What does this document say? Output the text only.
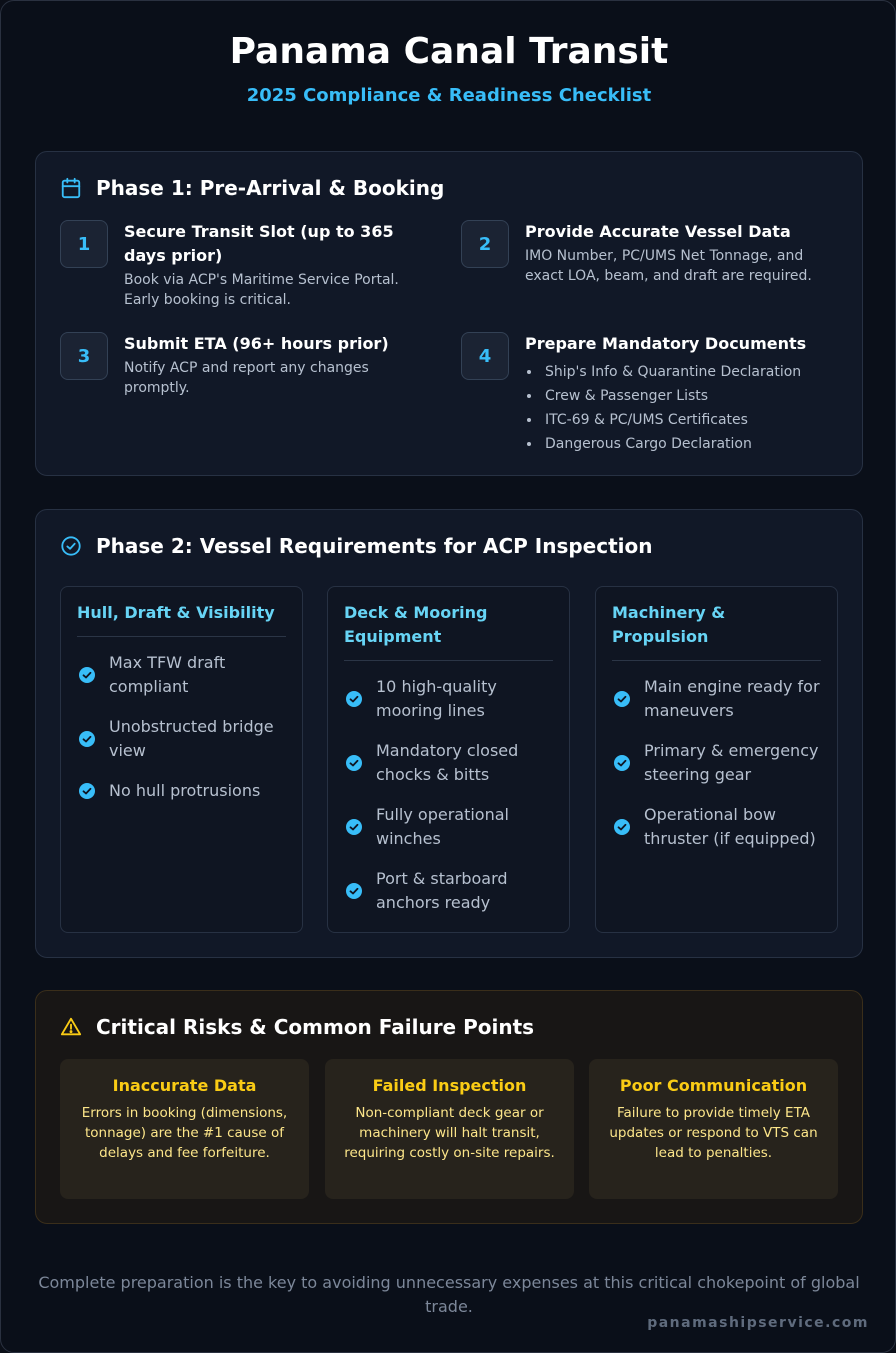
Panama Canal Transit
2025 Compliance & Readiness Checklist
Phase 1: Pre-Arrival & Booking
1
Secure Transit Slot (up to 365 days prior)
Book via ACP's Maritime Service Portal. Early booking is critical.
2
Provide Accurate Vessel Data
IMO Number, PC/UMS Net Tonnage, and exact LOA, beam, and draft are required.
3
Submit ETA (96+ hours prior)
Notify ACP and report any changes promptly.
4
Prepare Mandatory Documents
Ship's Info & Quarantine Declaration
Crew & Passenger Lists
ITC-69 & PC/UMS Certificates
Dangerous Cargo Declaration
Phase 2: Vessel Requirements for ACP Inspection
Hull, Draft & Visibility
Max TFW draft compliant
Unobstructed bridge view
No hull protrusions
Deck & Mooring Equipment
10 high-quality mooring lines
Mandatory closed chocks & bitts
Fully operational winches
Port & starboard anchors ready
Machinery & Propulsion
Main engine ready for maneuvers
Primary & emergency steering gear
Operational bow thruster (if equipped)
Critical Risks & Common Failure Points
Inaccurate Data
Errors in booking (dimensions, tonnage) are the #1 cause of delays and fee forfeiture.
Failed Inspection
Non-compliant deck gear or machinery will halt transit, requiring costly on-site repairs.
Poor Communication
Failure to provide timely ETA updates or respond to VTS can lead to penalties.
Complete preparation is the key to avoiding unnecessary expenses at this critical chokepoint of global trade.
panamashipservice.com
